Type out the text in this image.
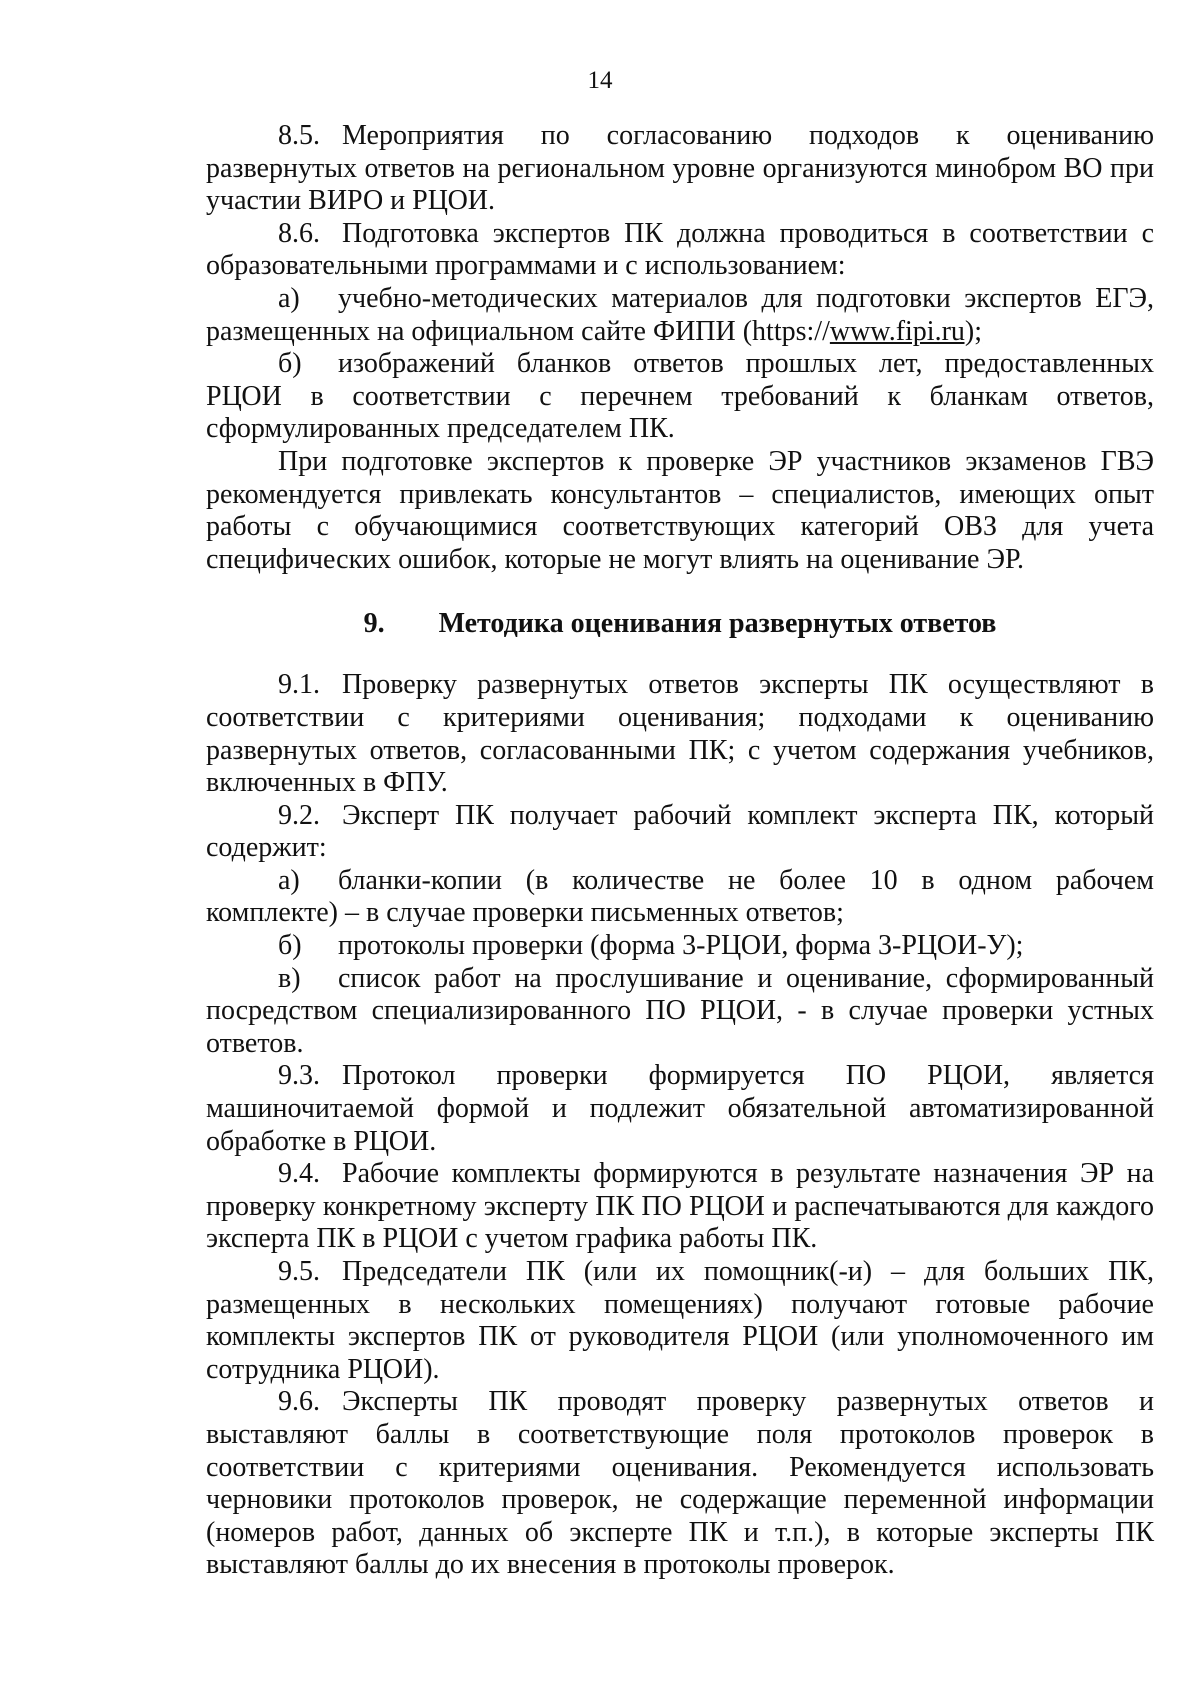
14

8.5. Мероприятия по согласованию подходов к оцениванию развернутых ответов на региональном уровне организуются минобром ВО при участии ВИРО и РЦОИ.

8.6. Подготовка экспертов ПК должна проводиться в соответствии с образовательными программами и с использованием:

а) учебно-методических материалов для подготовки экспертов ЕГЭ, размещенных на официальном сайте ФИПИ (https://www.fipi.ru);

б) изображений бланков ответов прошлых лет, предоставленных РЦОИ в соответствии с перечнем требований к бланкам ответов, сформулированных председателем ПК.

При подготовке экспертов к проверке ЭР участников экзаменов ГВЭ рекомендуется привлекать консультантов – специалистов, имеющих опыт работы с обучающимися соответствующих категорий ОВЗ для учета специфических ошибок, которые не могут влиять на оценивание ЭР.

9. Методика оценивания развернутых ответов

9.1. Проверку развернутых ответов эксперты ПК осуществляют в соответствии с критериями оценивания; подходами к оцениванию развернутых ответов, согласованными ПК; с учетом содержания учебников, включенных в ФПУ.

9.2. Эксперт ПК получает рабочий комплект эксперта ПК, который содержит:

а) бланки-копии (в количестве не более 10 в одном рабочем комплекте) – в случае проверки письменных ответов;

б) протоколы проверки (форма 3-РЦОИ, форма 3-РЦОИ-У);

в) список работ на прослушивание и оценивание, сформированный посредством специализированного ПО РЦОИ, - в случае проверки устных ответов.

9.3. Протокол проверки формируется ПО РЦОИ, является машиночитаемой формой и подлежит обязательной автоматизированной обработке в РЦОИ.

9.4. Рабочие комплекты формируются в результате назначения ЭР на проверку конкретному эксперту ПК ПО РЦОИ и распечатываются для каждого эксперта ПК в РЦОИ с учетом графика работы ПК.

9.5. Председатели ПК (или их помощник(-и) – для больших ПК, размещенных в нескольких помещениях) получают готовые рабочие комплекты экспертов ПК от руководителя РЦОИ (или уполномоченного им сотрудника РЦОИ).

9.6. Эксперты ПК проводят проверку развернутых ответов и выставляют баллы в соответствующие поля протоколов проверок в соответствии с критериями оценивания. Рекомендуется использовать черновики протоколов проверок, не содержащие переменной информации (номеров работ, данных об эксперте ПК и т.п.), в которые эксперты ПК выставляют баллы до их внесения в протоколы проверок.
